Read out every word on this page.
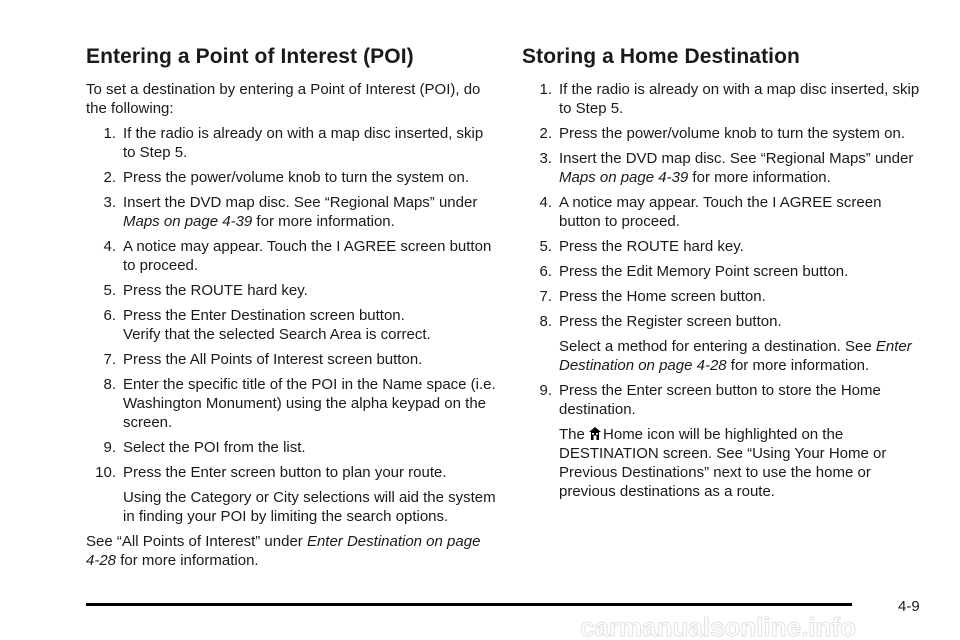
Entering a Point of Interest (POI)

To set a destination by entering a Point of Interest (POI), do the following:

1. If the radio is already on with a map disc inserted, skip to Step 5.
2. Press the power/volume knob to turn the system on.
3. Insert the DVD map disc. See “Regional Maps” under Maps on page 4-39 for more information.
4. A notice may appear. Touch the I AGREE screen button to proceed.
5. Press the ROUTE hard key.
6. Press the Enter Destination screen button.
Verify that the selected Search Area is correct.
7. Press the All Points of Interest screen button.
8. Enter the specific title of the POI in the Name space (i.e. Washington Monument) using the alpha keypad on the screen.
9. Select the POI from the list.
10. Press the Enter screen button to plan your route.

Using the Category or City selections will aid the system in finding your POI by limiting the search options.

See “All Points of Interest” under Enter Destination on page 4-28 for more information.

Storing a Home Destination
1. If the radio is already on with a map disc inserted, skip to Step 5.
2. Press the power/volume knob to turn the system on.
3. Insert the DVD map disc. See “Regional Maps” under Maps on page 4-39 for more information.
4. A notice may appear. Touch the I AGREE screen button to proceed.
5. Press the ROUTE hard key.
6. Press the Edit Memory Point screen button.
7. Press the Home screen button.
8. Press the Register screen button.

Select a method for entering a destination. See Enter Destination on page 4-28 for more information.

9. Press the Enter screen button to store the Home destination.

The Home icon will be highlighted on the DESTINATION screen. See “Using Your Home or Previous Destinations” next to use the home or previous destinations as a route.

4-9
carmanualsonline.info
